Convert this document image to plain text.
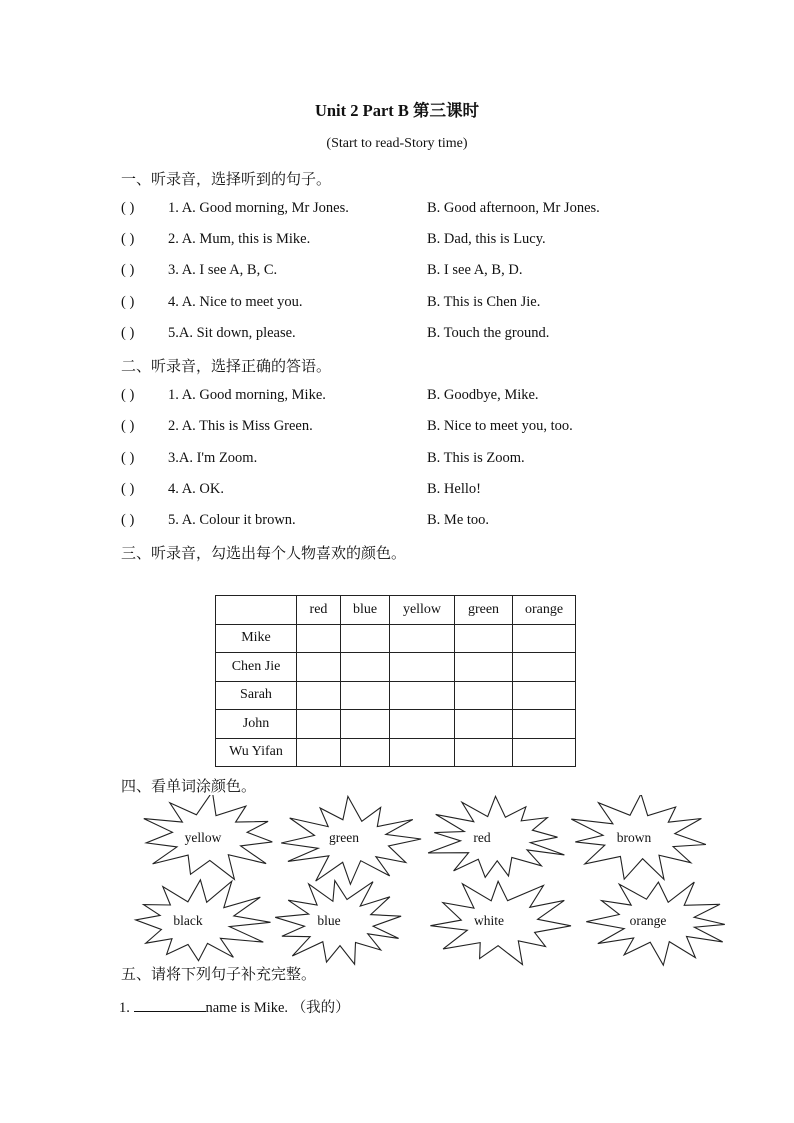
Unit 2 Part B 第三课时
(Start to read-Story time)
一、听录音，选择听到的句子。
( ) 1. A. Good morning, Mr Jones.	B. Good afternoon, Mr Jones.
( ) 2. A. Mum, this is Mike.	B. Dad, this is Lucy.
( ) 3. A. I see A, B, C.	B. I see A, B, D.
( ) 4. A. Nice to meet you.	B. This is Chen Jie.
( ) 5.A. Sit down, please.	B. Touch the ground.
二、听录音，选择正确的答语。
( ) 1. A. Good morning, Mike.	B. Goodbye, Mike.
( ) 2. A. This is Miss Green.	B. Nice to meet you, too.
( ) 3.A. I'm Zoom.	B. This is Zoom.
( ) 4. A. OK.	B. Hello!
( ) 5. A. Colour it brown.	B. Me too.
三、听录音，勾选出每个人物喜欢的颜色。
	red	blue	yellow	green	orange
Mike					
Chen Jie					
Sarah					
John					
Wu Yifan					
四、看单词涂颜色。
yellow	green	red	brown
black	blue	white	orange
五、请将下列句子补充完整。
1.	name is Mike. （我的）
